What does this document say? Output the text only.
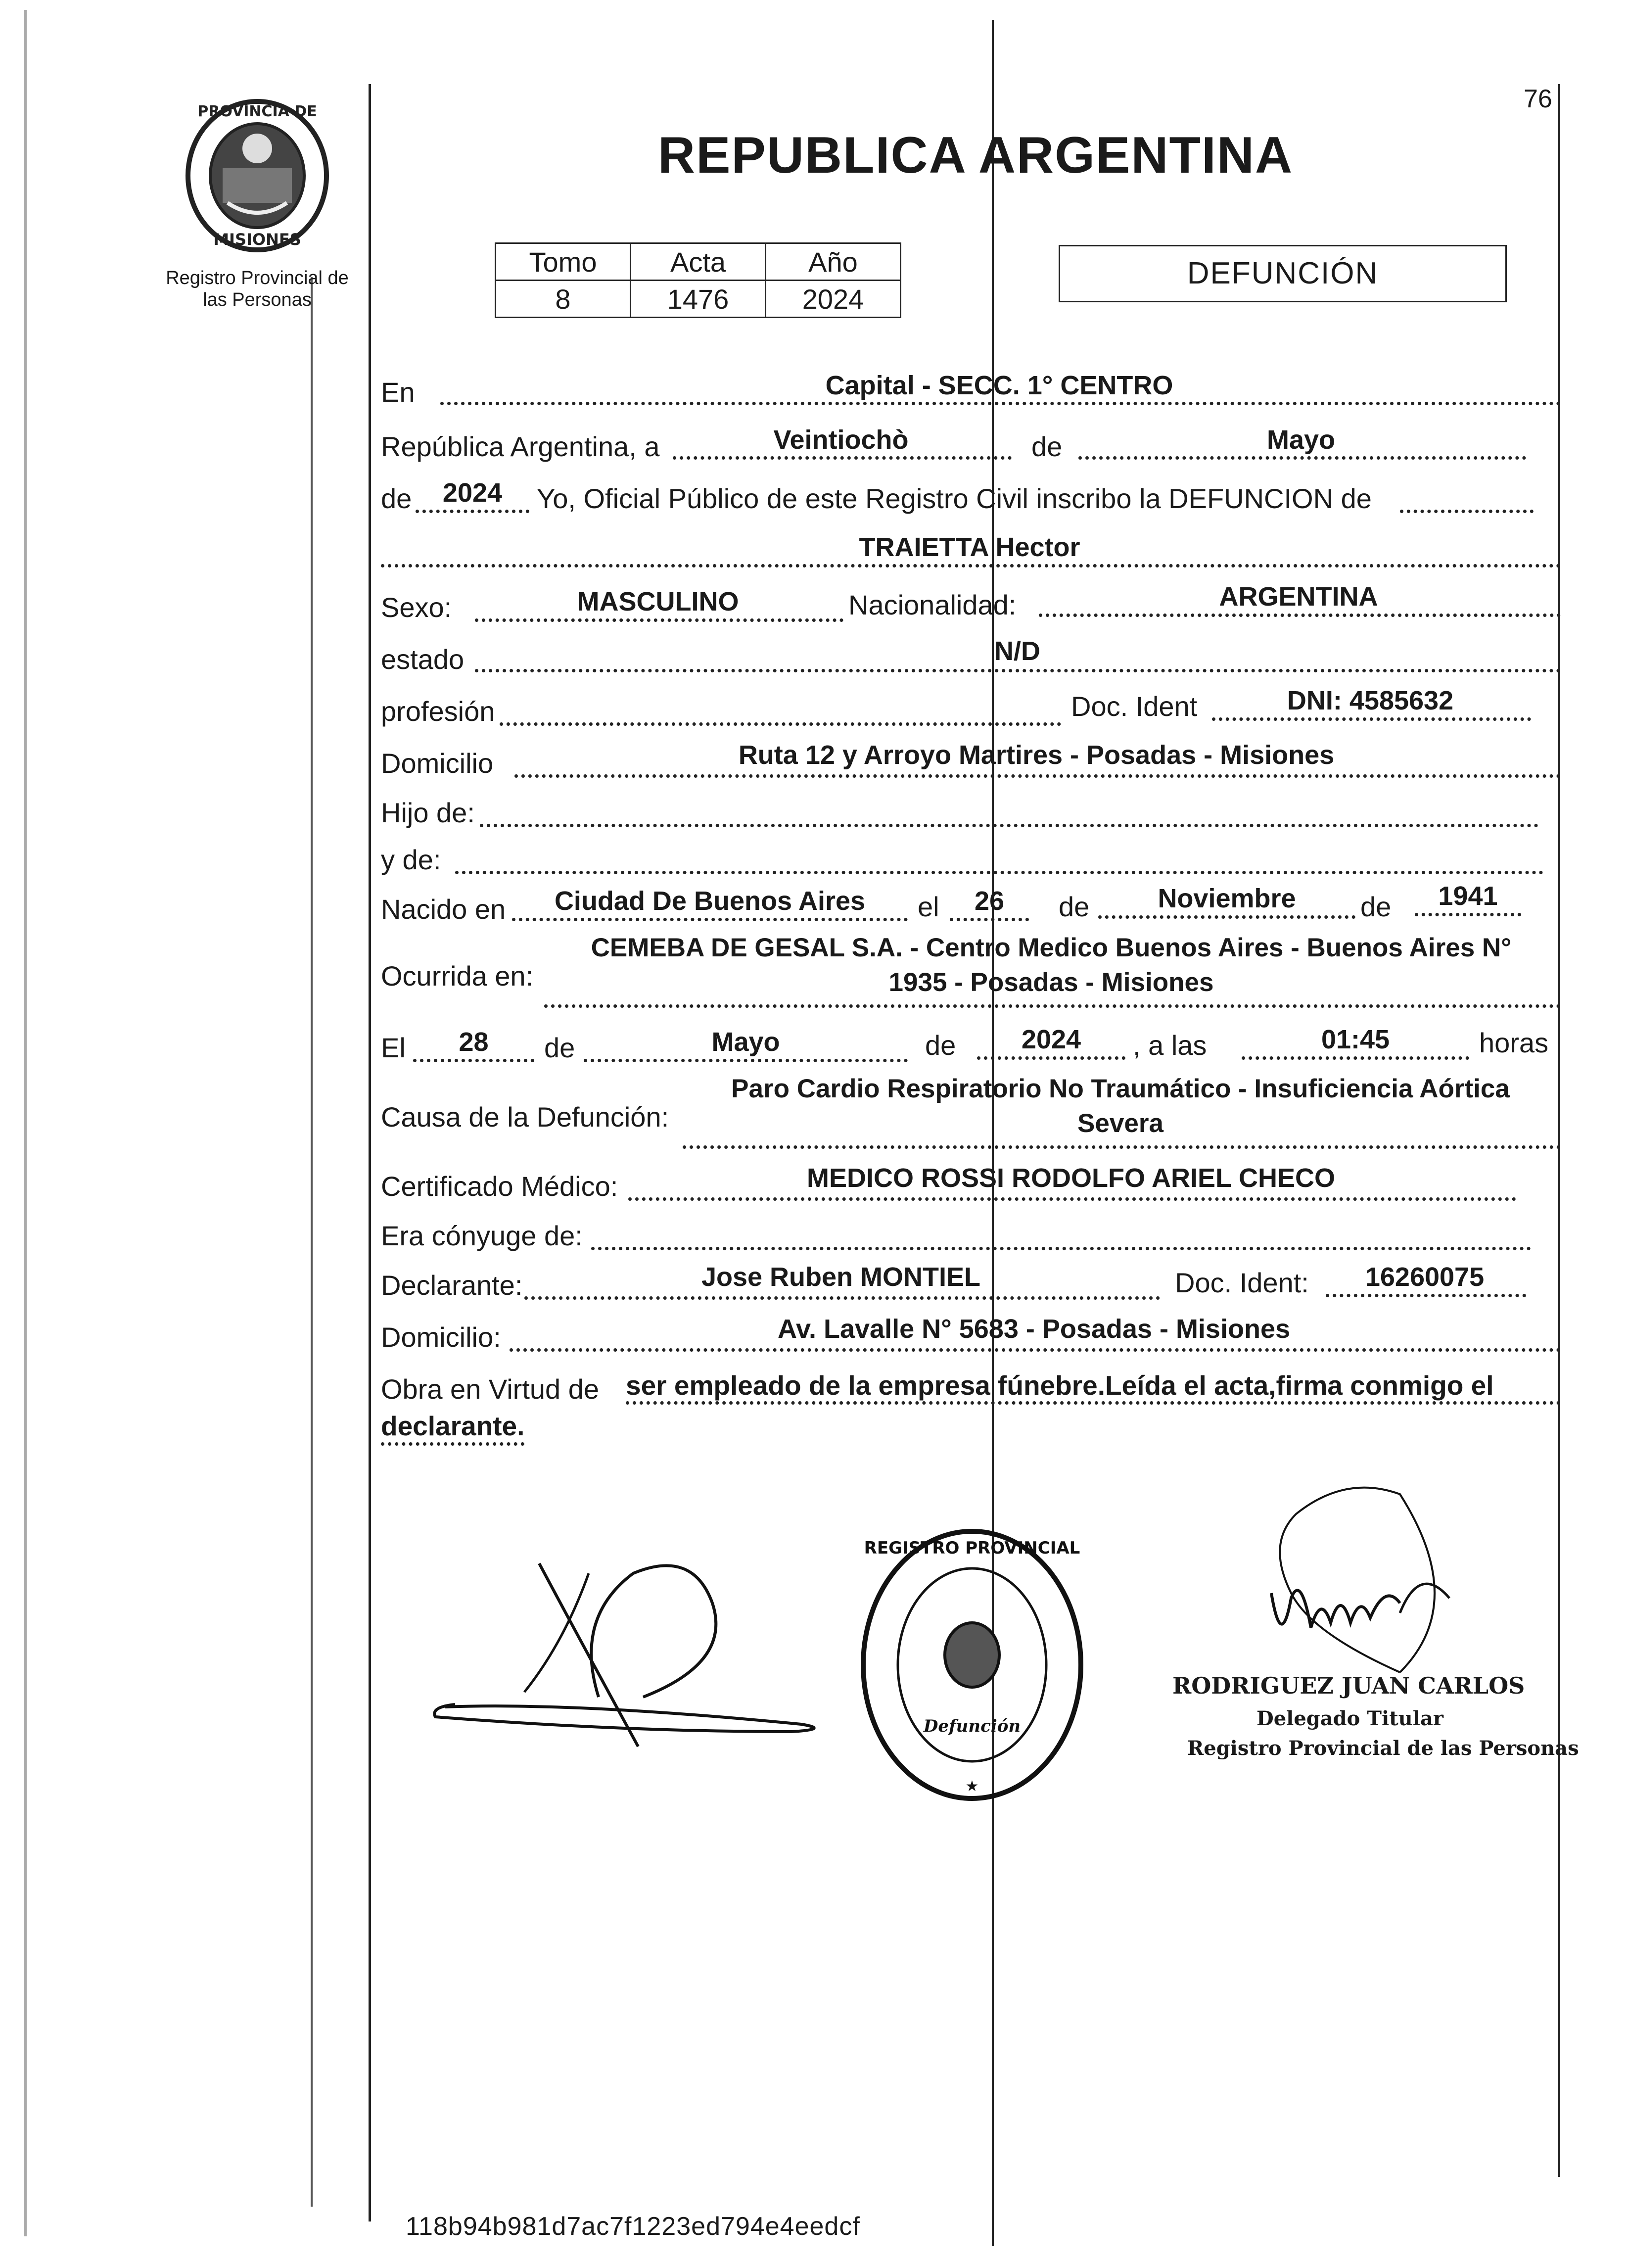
76
PROVINCIA DE
MISIONES
Registro Provincial de
las Personas
REPUBLICA ARGENTINA
Tomo	Acta	Año
8	1476	2024
DEFUNCIÓN
En	Capital - SECC. 1° CENTRO
República Argentina, a	Veintiochò	de	Mayo
de	2024	Yo, Oficial Público de este Registro Civil inscribo la DEFUNCION de
TRAIETTA Hector
Sexo:	MASCULINO	Nacionalidad:	ARGENTINA
estado	N/D
profesión	Doc. Ident	DNI: 4585632
Domicilio	Ruta 12 y Arroyo Martires - Posadas - Misiones
Hijo de:
y de:
Nacido en	Ciudad De Buenos Aires	el	26	de	Noviembre	de	1941
Ocurrida en:
CEMEBA DE GESAL S.A. - Centro Medico Buenos Aires - Buenos Aires N°
1935 - Posadas - Misiones
El	28	de	Mayo	de	2024	, a las	01:45	horas
Causa de la Defunción:
Paro Cardio Respiratorio No Traumático - Insuficiencia Aórtica
Severa
Certificado Médico:	MEDICO ROSSI RODOLFO ARIEL CHECO
Era cónyuge de:
Declarante:	Jose Ruben MONTIEL	Doc. Ident:	16260075
Domicilio:	Av. Lavalle N° 5683 - Posadas - Misiones
Obra en Virtud de ser empleado de la empresa fúnebre.Leída el acta,firma conmigo el
declarante.
REGISTRO PROVINCIAL
★
Defunción
RODRIGUEZ JUAN CARLOS
Delegado Titular
Registro Provincial de las Personas
118b94b981d7ac7f1223ed794e4eedcf
